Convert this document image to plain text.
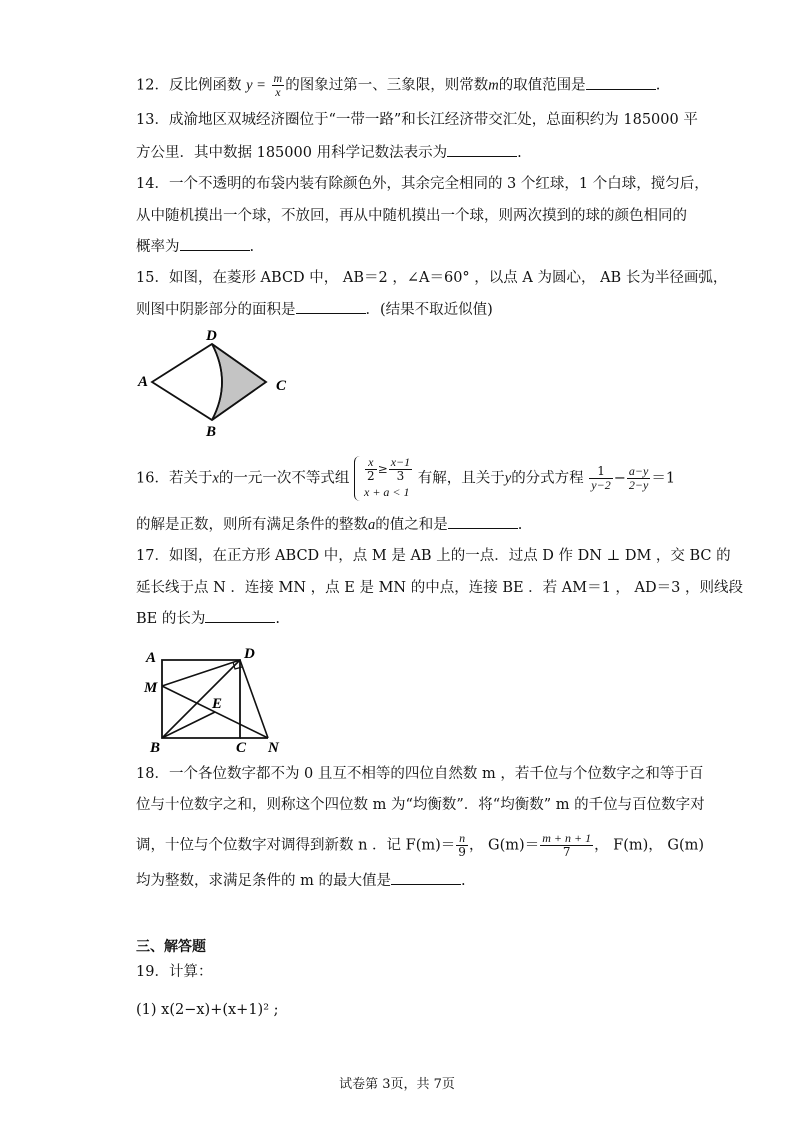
12．反比例函数 $y = \frac{m}{x}$ 的图象过第一、三象限，则常数m的取值范围是	.
13．成渝地区双城经济圈位于“一带一路”和长江经济带交汇处，总面积约为 185000 平
方公里．其中数据 185000 用科学记数法表示为	.
14．一个不透明的布袋内装有除颜色外，其余完全相同的 3 个红球，1 个白球，搅匀后，
从中随机摸出一个球，不放回，再从中随机摸出一个球，则两次摸到的球的颜色相同的
概率为	.
15．如图，在菱形 ABCD 中， AB＝2 ，∠A＝60° ，以点 A 为圆心， AB 长为半径画弧，
则图中阴影部分的面积是	．(结果不取近似值)
D
A	C
B
16．若关于x的一元一次不等式组 $\frac{x}{2} \ge \frac{x-1}{3}$
x + a < 1
有解，且关于y的分式方程 $\frac{1}{y-2} - \frac{a-y}{2-y} =1$
的解是正数，则所有满足条件的整数a的值之和是	.
17．如图，在正方形 ABCD 中，点 M 是 AB 上的一点．过点 D 作 DN ⊥ DM ，交 BC 的
延长线于点 N ．连接 MN ，点 E 是 MN 的中点，连接 BE ．若 AM＝1 ， AD＝3 ，则线段
BE 的长为	.
A	D
M
E
B	C N
18．一个各位数字都不为 0 且互不相等的四位自然数 m ，若千位与个位数字之和等于百
位与十位数字之和，则称这个四位数 m 为“均衡数”．将“均衡数” m 的千位与百位数字对
调，十位与个位数字对调得到新数 n ．记 $F(m)= \frac{n}{9}$ ， $G(m)= \frac{m + n + 1}{7}$ ， F(m)， G(m)
均为整数，求满足条件的 m 的最大值是	.
三、解答题
19．计算：
(1) x(2−x)+(x+1)² ;
试卷第 3页，共 7页
